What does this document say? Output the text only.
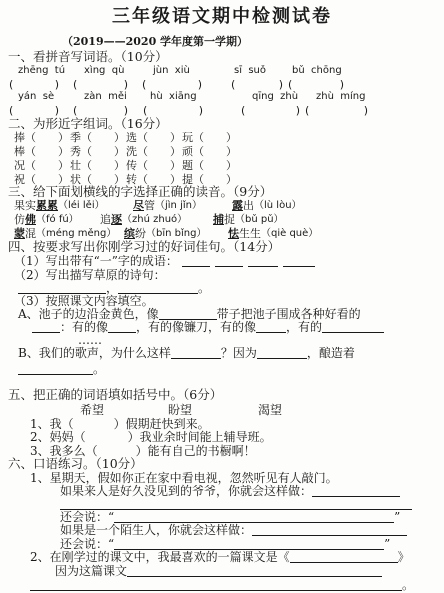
三年级语文期中检测试卷
（2019——2020 学年度第一学期）
一、看拼音写词语。（10分）
zhēng  tú xìng  qù	jùn  xiù	sī  suǒ	bǔ  chōng
(	) (	) (	)	(	) (	)
yán  sè	zàn  měi hù  xiāng	qīng  zhù zhù  míng
(	) (	) (	)	(	) (	)
二、为形近字组词。（16分）
捧（　　） 季（　　） 选（　　） 玩（　　）
棒（　　） 秀（　　） 洗（　　） 顽（　　）
况（　　） 壮（　　） 传（　　） 题（　　）
祝（　　） 状（　　） 转（　　） 提（　　）
三、给下面划横线的字选择正确的读音。（9分）
果实 累累 （léi lěi）	尽 管 （jìn jǐn）	露 出 （lù lòu）
仿 佛 （fó fú） 追 逐 （zhú zhuó） 捕 捉 （bǔ pǔ）
蒙 混 （méng měng） 缤 纷 （bīn bǐng） 怯 生生 （qiè què）
四、按要求写出你刚学习过的好词佳句。（14分）
（1）写出带有“一”字的成语：
（2）写出描写草原的诗句：
，	。
（3）按照课文内容填空。
A、池子的边沿金黄色，像	带子把池子围成各种好看的
：有的像 ，有的像镰刀，有的像	，有的
……
B、我们的歌声，为什么这样	？因为	，酿造着
。
五、把正确的词语填如括号中。（6分）
希望	盼望	渴望
1、我（	）假期赶快到来。
2、妈妈（	）我业余时间能上辅导班。
3、我多么（	）能有自己的书橱啊！
六、口语练习。（10分）
1、星期天，假如你正在家中看电视，忽然听见有人敲门。
如果来人是好久没见到的爷爷，你就会这样做：
还会说：“	”
如果是一个陌生人，你就会这样做：
还会说：“	”
2、在刚学过的课文中，我最喜欢的一篇课文是《	》
因为这篇课文
。
